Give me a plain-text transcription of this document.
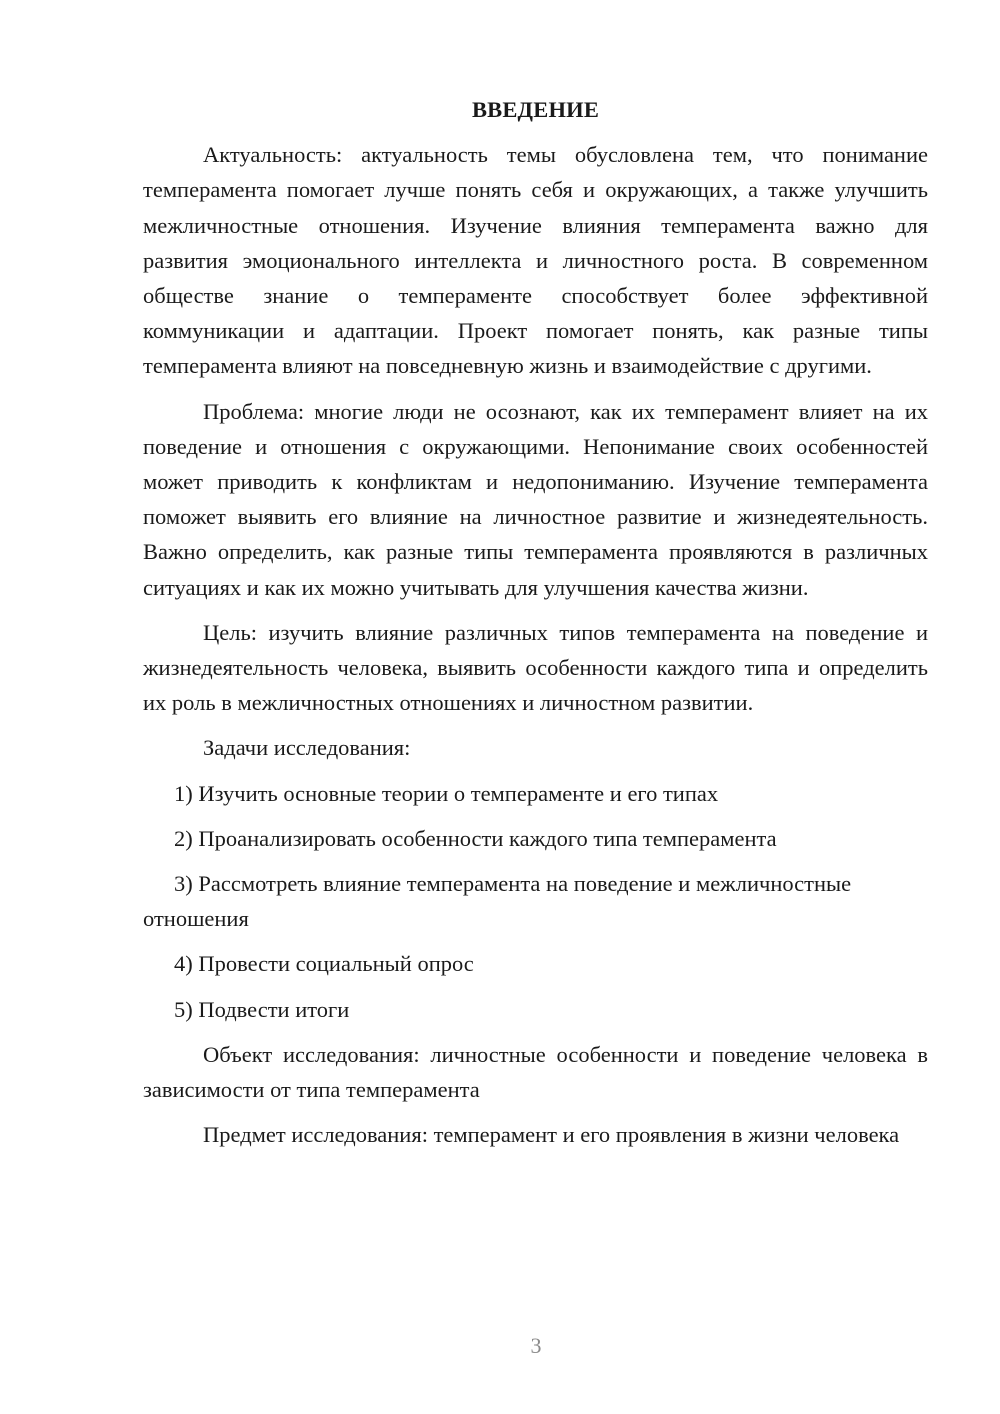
ВВЕДЕНИЕ

Актуальность: актуальность темы обусловлена тем, что понимание темперамента помогает лучше понять себя и окружающих, а также улучшить межличностные отношения. Изучение влияния темперамента важно для развития эмоционального интеллекта и личностного роста. В современном обществе знание о темпераменте способствует более эффективной коммуникации и адаптации. Проект помогает понять, как разные типы темперамента влияют на повседневную жизнь и взаимодействие с другими.

Проблема: многие люди не осознают, как их темперамент влияет на их поведение и отношения с окружающими. Непонимание своих особенностей может приводить к конфликтам и недопониманию. Изучение темперамента поможет выявить его влияние на личностное развитие и жизнедеятельность. Важно определить, как разные типы темперамента проявляются в различных ситуациях и как их можно учитывать для улучшения качества жизни.

Цель: изучить влияние различных типов темперамента на поведение и жизнедеятельность человека, выявить особенности каждого типа и определить их роль в межличностных отношениях и личностном развитии.

Задачи исследования:

1) Изучить основные теории о темпераменте и его типах

2) Проанализировать особенности каждого типа темперамента

3) Рассмотреть влияние темперамента на поведение и межличностные отношения

4) Провести социальный опрос

5) Подвести итоги

Объект исследования: личностные особенности и поведение человека в зависимости от типа темперамента

Предмет исследования: темперамент и его проявления в жизни человека

3
